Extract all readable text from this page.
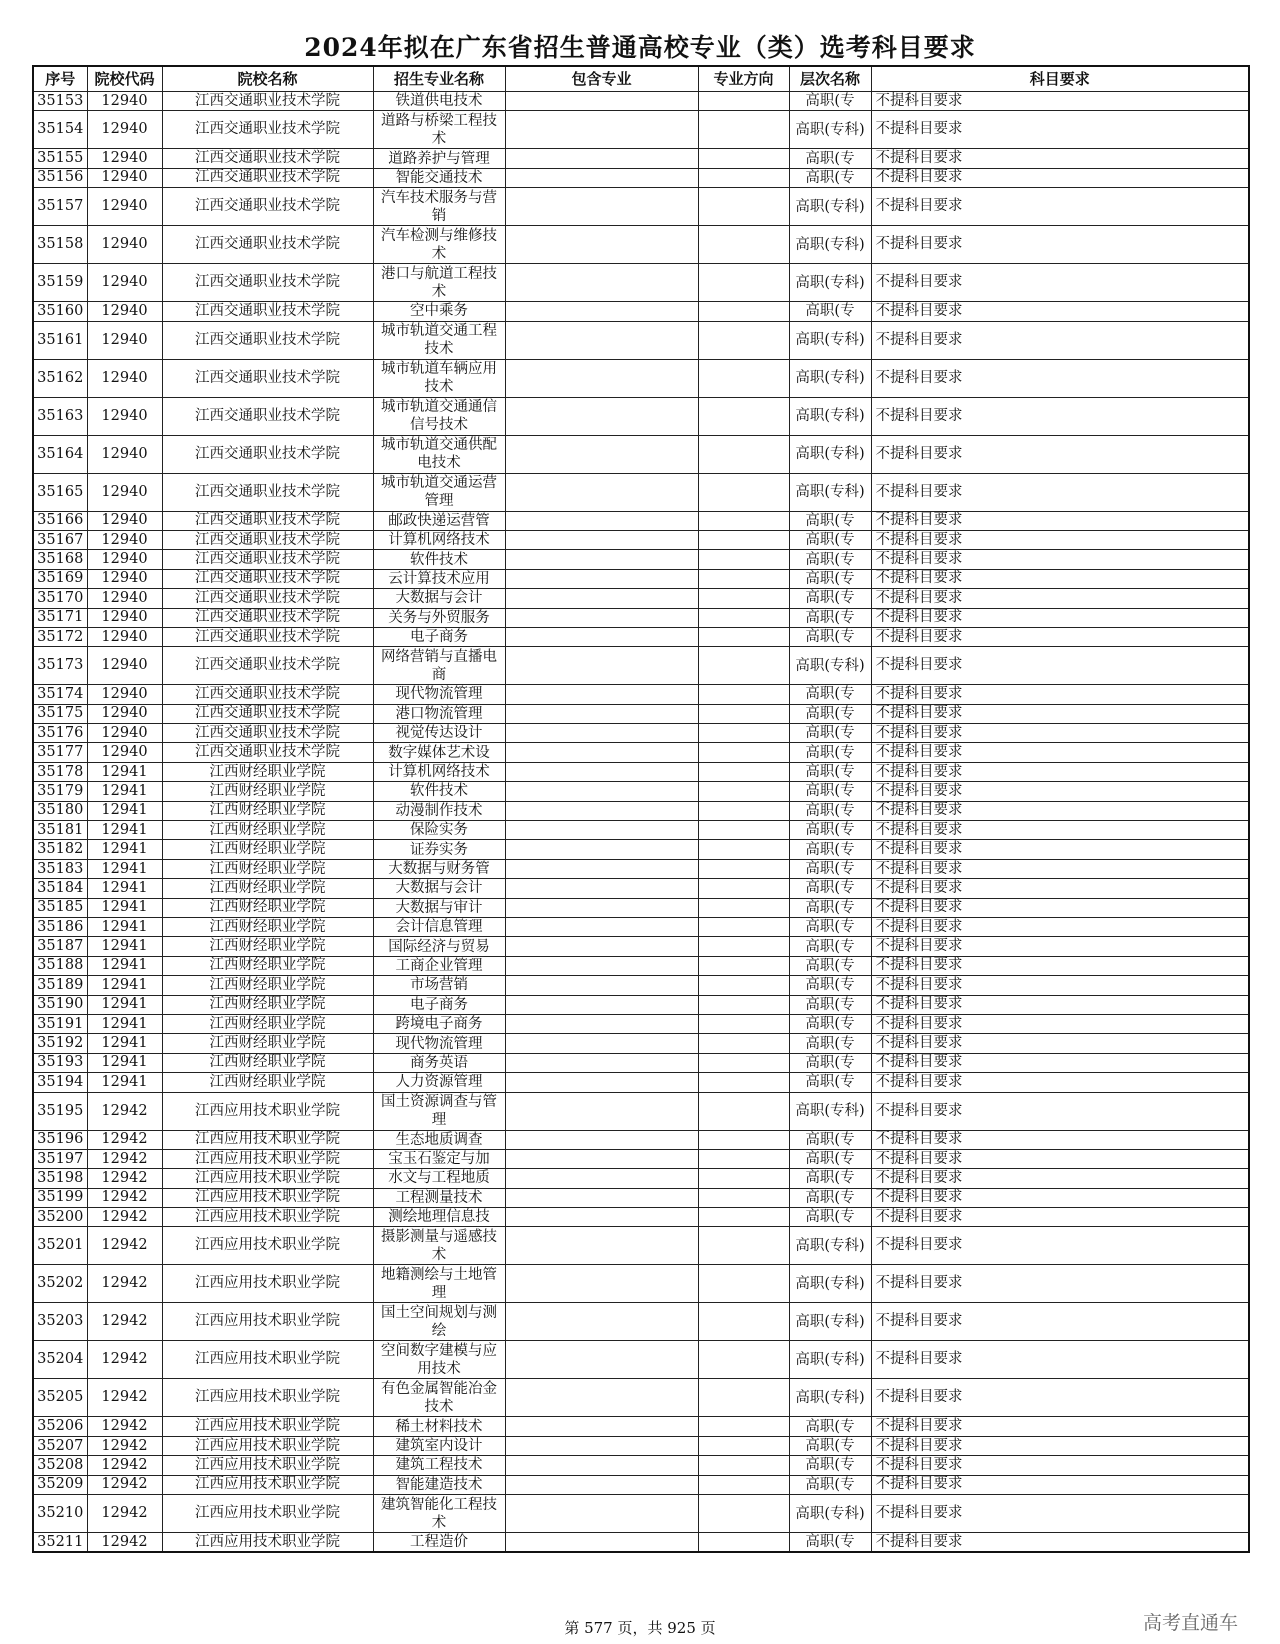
2024年拟在广东省招生普通高校专业（类）选考科目要求
序号	院校代码	院校名称	招生专业名称	包含专业	专业方向	层次名称	科目要求
35153	12940	江西交通职业技术学院	铁道供电技术			高职(专	不提科目要求
35154	12940	江西交通职业技术学院	道路与桥梁工程技术			高职(专科)	不提科目要求
35155	12940	江西交通职业技术学院	道路养护与管理			高职(专	不提科目要求
35156	12940	江西交通职业技术学院	智能交通技术			高职(专	不提科目要求
35157	12940	江西交通职业技术学院	汽车技术服务与营销			高职(专科)	不提科目要求
35158	12940	江西交通职业技术学院	汽车检测与维修技术			高职(专科)	不提科目要求
35159	12940	江西交通职业技术学院	港口与航道工程技术			高职(专科)	不提科目要求
35160	12940	江西交通职业技术学院	空中乘务			高职(专	不提科目要求
35161	12940	江西交通职业技术学院	城市轨道交通工程技术			高职(专科)	不提科目要求
35162	12940	江西交通职业技术学院	城市轨道车辆应用技术			高职(专科)	不提科目要求
35163	12940	江西交通职业技术学院	城市轨道交通通信信号技术			高职(专科)	不提科目要求
35164	12940	江西交通职业技术学院	城市轨道交通供配电技术			高职(专科)	不提科目要求
35165	12940	江西交通职业技术学院	城市轨道交通运营管理			高职(专科)	不提科目要求
35166	12940	江西交通职业技术学院	邮政快递运营管			高职(专	不提科目要求
35167	12940	江西交通职业技术学院	计算机网络技术			高职(专	不提科目要求
35168	12940	江西交通职业技术学院	软件技术			高职(专	不提科目要求
35169	12940	江西交通职业技术学院	云计算技术应用			高职(专	不提科目要求
35170	12940	江西交通职业技术学院	大数据与会计			高职(专	不提科目要求
35171	12940	江西交通职业技术学院	关务与外贸服务			高职(专	不提科目要求
35172	12940	江西交通职业技术学院	电子商务			高职(专	不提科目要求
35173	12940	江西交通职业技术学院	网络营销与直播电商			高职(专科)	不提科目要求
35174	12940	江西交通职业技术学院	现代物流管理			高职(专	不提科目要求
35175	12940	江西交通职业技术学院	港口物流管理			高职(专	不提科目要求
35176	12940	江西交通职业技术学院	视觉传达设计			高职(专	不提科目要求
35177	12940	江西交通职业技术学院	数字媒体艺术设			高职(专	不提科目要求
35178	12941	江西财经职业学院	计算机网络技术			高职(专	不提科目要求
35179	12941	江西财经职业学院	软件技术			高职(专	不提科目要求
35180	12941	江西财经职业学院	动漫制作技术			高职(专	不提科目要求
35181	12941	江西财经职业学院	保险实务			高职(专	不提科目要求
35182	12941	江西财经职业学院	证券实务			高职(专	不提科目要求
35183	12941	江西财经职业学院	大数据与财务管			高职(专	不提科目要求
35184	12941	江西财经职业学院	大数据与会计			高职(专	不提科目要求
35185	12941	江西财经职业学院	大数据与审计			高职(专	不提科目要求
35186	12941	江西财经职业学院	会计信息管理			高职(专	不提科目要求
35187	12941	江西财经职业学院	国际经济与贸易			高职(专	不提科目要求
35188	12941	江西财经职业学院	工商企业管理			高职(专	不提科目要求
35189	12941	江西财经职业学院	市场营销			高职(专	不提科目要求
35190	12941	江西财经职业学院	电子商务			高职(专	不提科目要求
35191	12941	江西财经职业学院	跨境电子商务			高职(专	不提科目要求
35192	12941	江西财经职业学院	现代物流管理			高职(专	不提科目要求
35193	12941	江西财经职业学院	商务英语			高职(专	不提科目要求
35194	12941	江西财经职业学院	人力资源管理			高职(专	不提科目要求
35195	12942	江西应用技术职业学院	国土资源调查与管理			高职(专科)	不提科目要求
35196	12942	江西应用技术职业学院	生态地质调查			高职(专	不提科目要求
35197	12942	江西应用技术职业学院	宝玉石鉴定与加			高职(专	不提科目要求
35198	12942	江西应用技术职业学院	水文与工程地质			高职(专	不提科目要求
35199	12942	江西应用技术职业学院	工程测量技术			高职(专	不提科目要求
35200	12942	江西应用技术职业学院	测绘地理信息技			高职(专	不提科目要求
35201	12942	江西应用技术职业学院	摄影测量与遥感技术			高职(专科)	不提科目要求
35202	12942	江西应用技术职业学院	地籍测绘与土地管理			高职(专科)	不提科目要求
35203	12942	江西应用技术职业学院	国土空间规划与测绘			高职(专科)	不提科目要求
35204	12942	江西应用技术职业学院	空间数字建模与应用技术			高职(专科)	不提科目要求
35205	12942	江西应用技术职业学院	有色金属智能冶金技术			高职(专科)	不提科目要求
35206	12942	江西应用技术职业学院	稀土材料技术			高职(专	不提科目要求
35207	12942	江西应用技术职业学院	建筑室内设计			高职(专	不提科目要求
35208	12942	江西应用技术职业学院	建筑工程技术			高职(专	不提科目要求
35209	12942	江西应用技术职业学院	智能建造技术			高职(专	不提科目要求
35210	12942	江西应用技术职业学院	建筑智能化工程技术			高职(专科)	不提科目要求
35211	12942	江西应用技术职业学院	工程造价			高职(专	不提科目要求
第 577 页，共 925 页	高考直通车
